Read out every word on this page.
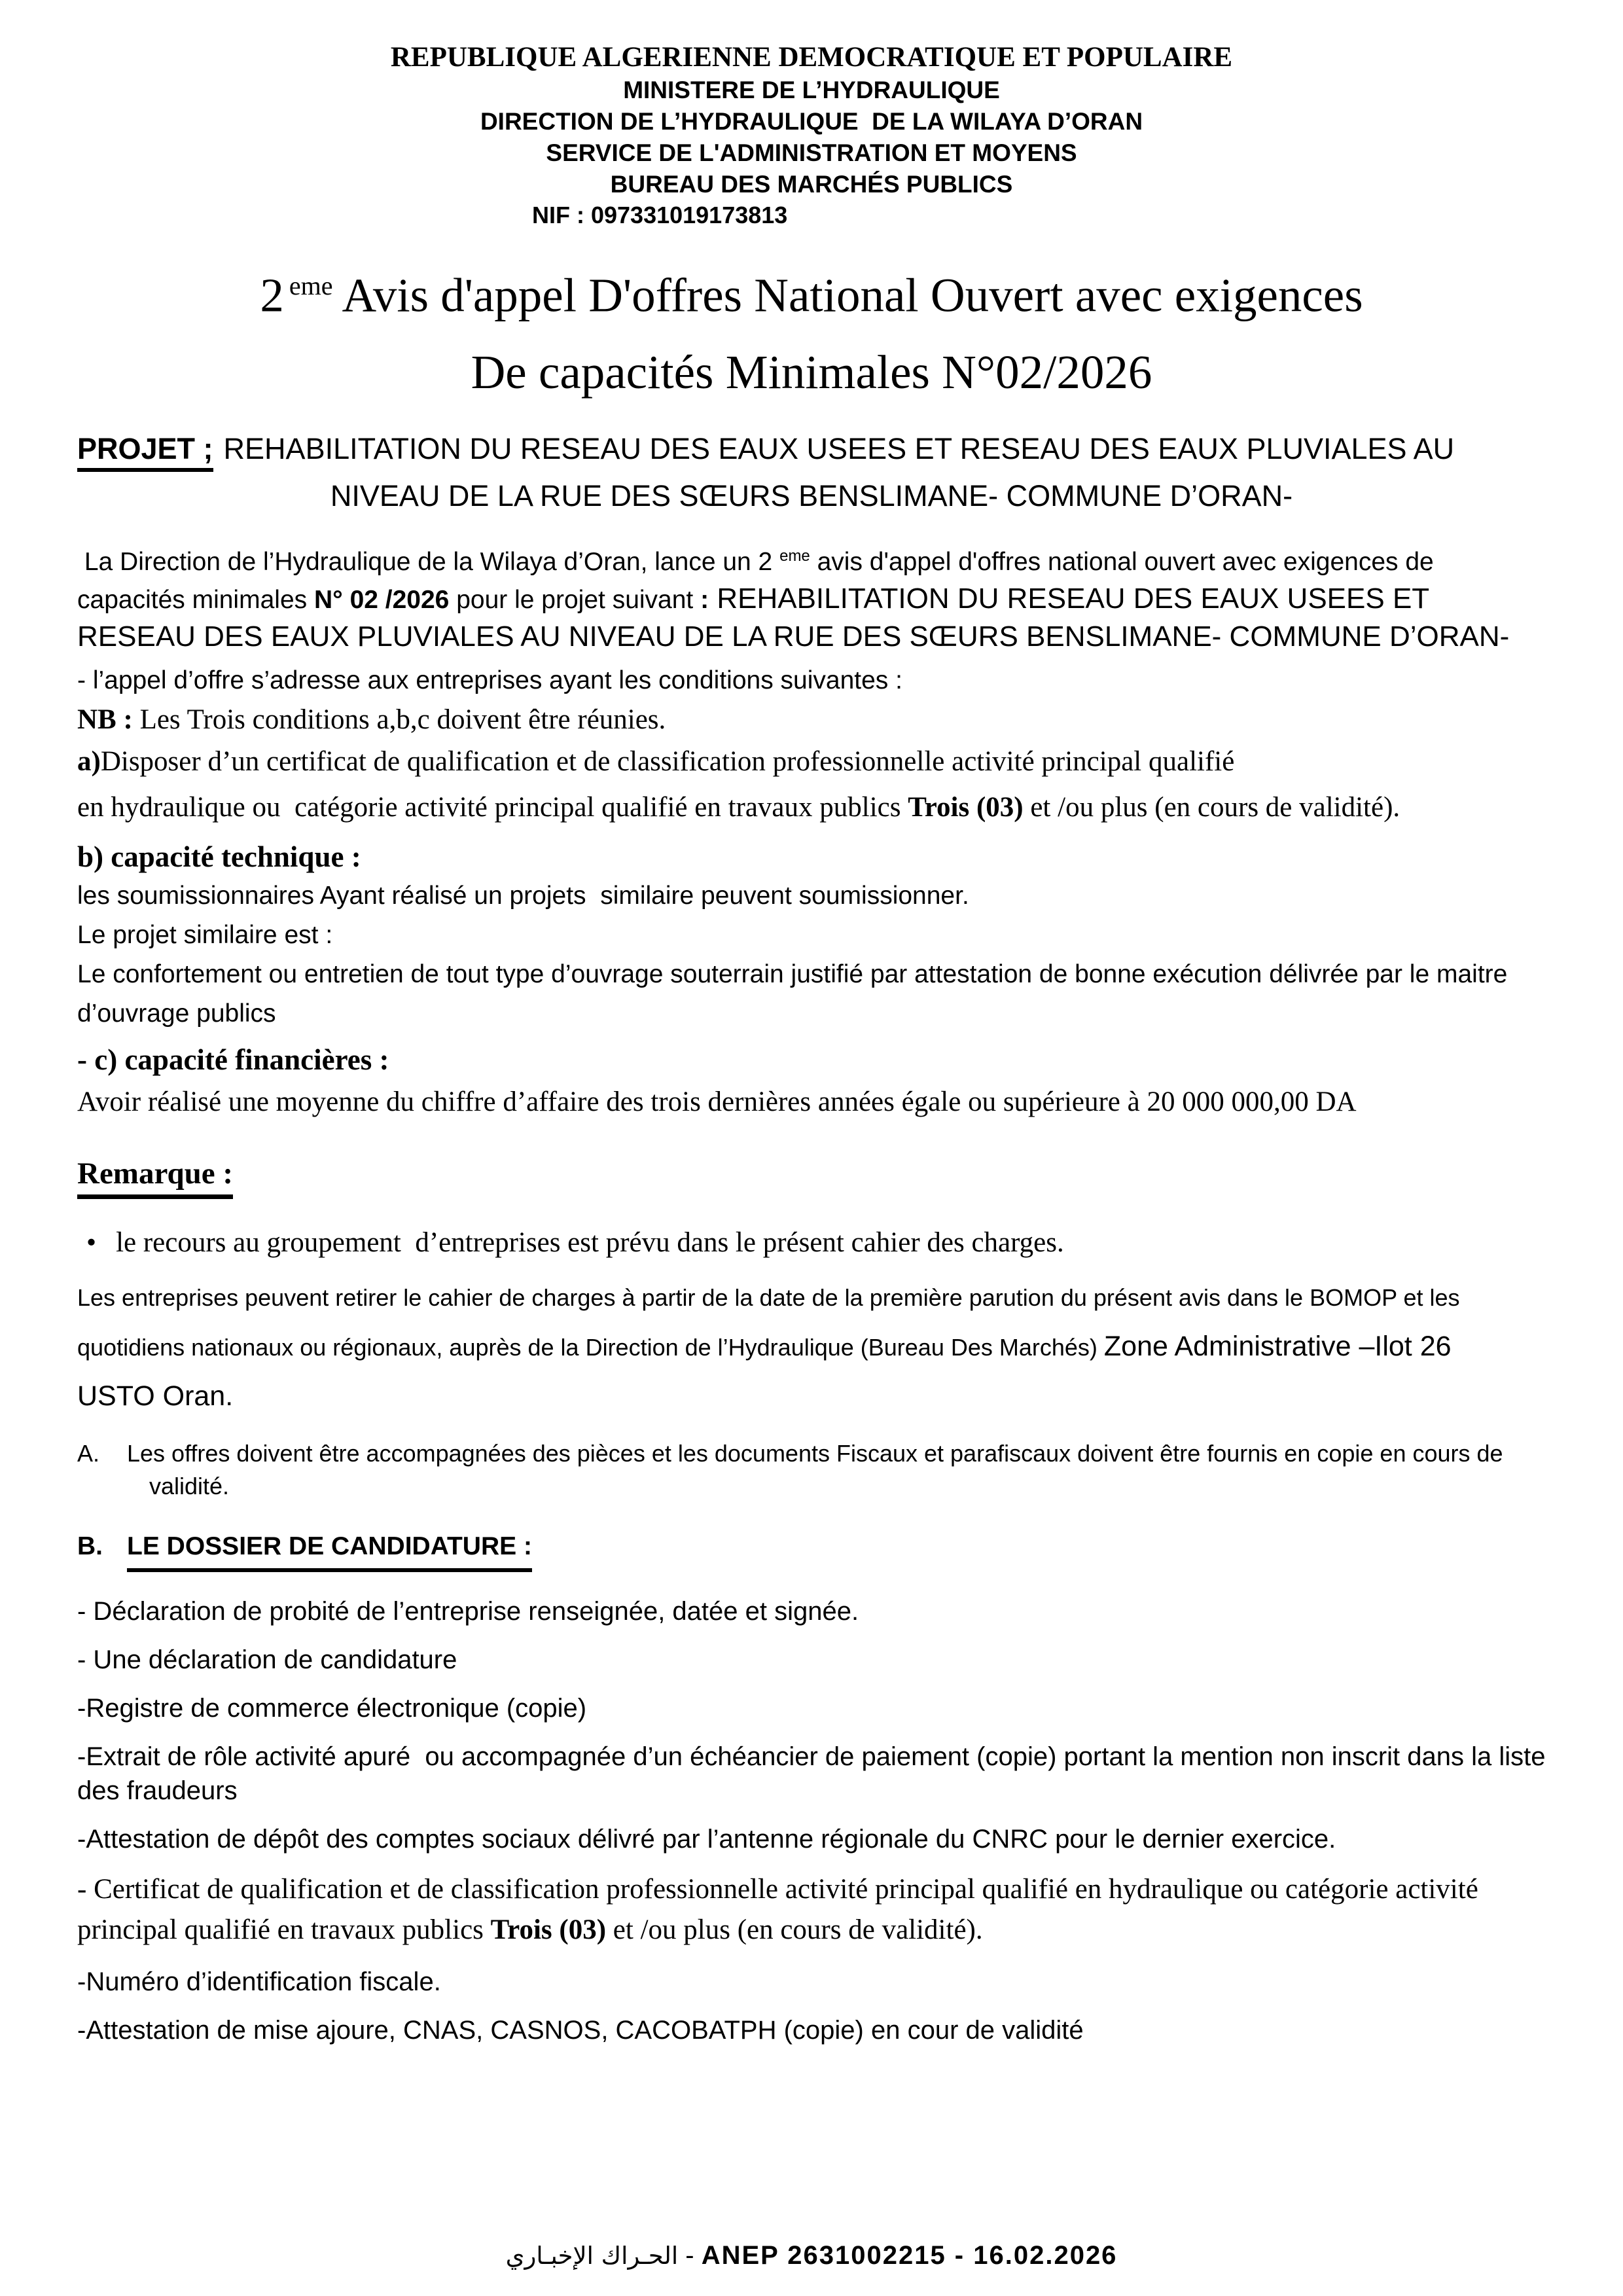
REPUBLIQUE ALGERIENNE DEMOCRATIQUE ET POPULAIRE
MINISTERE DE L’HYDRAULIQUE
DIRECTION DE L’HYDRAULIQUE  DE LA WILAYA D’ORAN
SERVICE DE L'ADMINISTRATION ET MOYENS
BUREAU DES MARCHÉS PUBLICS
NIF : 097331019173813
2 $^{eme}$ Avis d'appel D'offres National Ouvert avec exigences
De capacités Minimales N°02/2026
PROJET ; REHABILITATION DU RESEAU DES EAUX USEES ET RESEAU DES EAUX PLUVIALES AU
NIVEAU DE LA RUE DES SŒURS BENSLIMANE- COMMUNE D’ORAN-

La Direction de l’Hydraulique de la Wilaya d’Oran, lance un 2 $^{eme}$ avis d'appel d'offres national ouvert avec exigences de capacités minimales N° 02 /2026 pour le projet suivant : REHABILITATION DU RESEAU DES EAUX USEES ET RESEAU DES EAUX PLUVIALES AU NIVEAU DE LA RUE DES SŒURS BENSLIMANE- COMMUNE D’ORAN-

- l’appel d’offre s’adresse aux entreprises ayant les conditions suivantes :

NB : Les Trois conditions a,b,c doivent être réunies.

a)Disposer d’un certificat de qualification et de classification professionnelle activité principal qualifié

en hydraulique ou  catégorie activité principal qualifié en travaux publics Trois (03) et /ou plus (en cours de validité).

b) capacité technique :

les soumissionnaires Ayant réalisé un projets  similaire peuvent soumissionner.

Le projet similaire est :

Le confortement ou entretien de tout type d’ouvrage souterrain justifié par attestation de bonne exécution délivrée par le maitre d’ouvrage publics

- c) capacité financières :

Avoir réalisé une moyenne du chiffre d’affaire des trois dernières années égale ou supérieure à 20 000 000,00 DA

Remarque :

• le recours au groupement  d’entreprises est prévu dans le présent cahier des charges.

Les entreprises peuvent retirer le cahier de charges à partir de la date de la première parution du présent avis dans le BOMOP et les quotidiens nationaux ou régionaux, auprès de la Direction de l’Hydraulique (Bureau Des Marchés) Zone Administrative –Ilot 26
USTO Oran.

A.	Les offres doivent être accompagnées des pièces et les documents Fiscaux et parafiscaux doivent être fournis en copie en cours de validité.
B. LE DOSSIER DE CANDIDATURE :

- Déclaration de probité de l’entreprise renseignée, datée et signée.

- Une déclaration de candidature

-Registre de commerce électronique (copie)

-Extrait de rôle activité apuré  ou accompagnée d’un échéancier de paiement (copie) portant la mention non inscrit dans la liste des fraudeurs

-Attestation de dépôt des comptes sociaux délivré par l’antenne régionale du CNRC pour le dernier exercice.

- Certificat de qualification et de classification professionnelle activité principal qualifié en hydraulique ou catégorie activité principal qualifié en travaux publics Trois (03) et /ou plus (en cours de validité).

-Numéro d’identification fiscale.

-Attestation de mise ajoure, CNAS, CASNOS, CACOBATPH (copie) en cour de validité

الحـراك الإخبـاري - ANEP 2631002215 - 16.02.2026
